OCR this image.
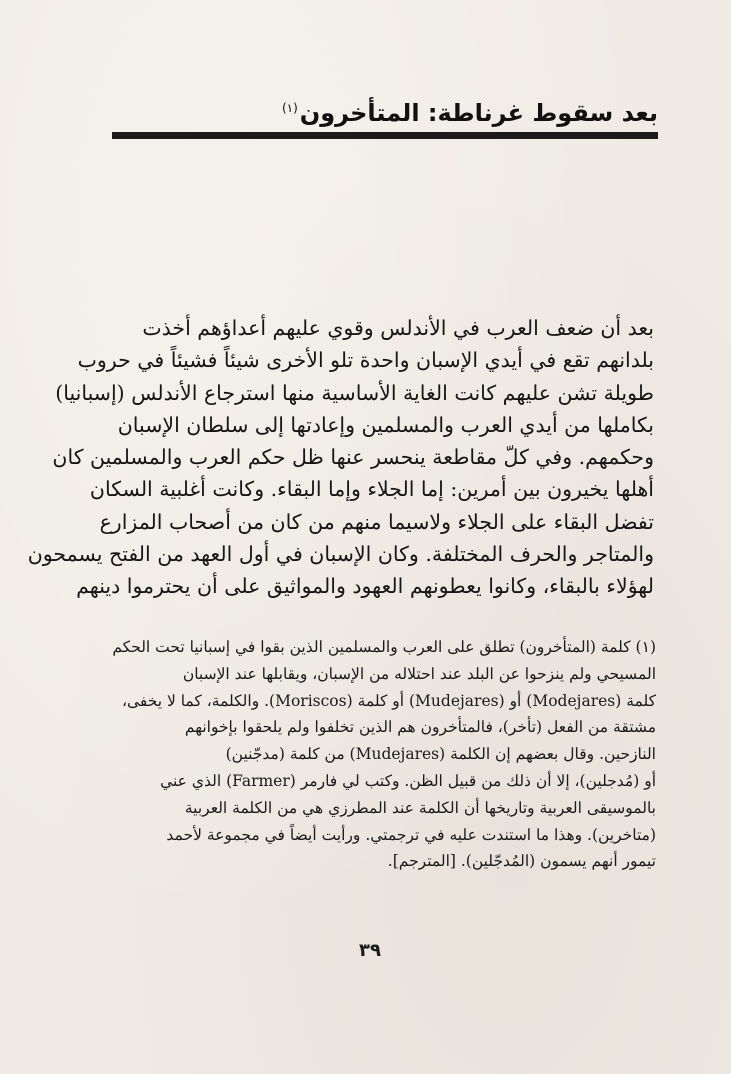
بعد سقوط غرناطة: المتأخرون$^{(١)}$
بعد أن ضعف العرب في الأندلس وقوي عليهم أعداؤهم أخذت
بلدانهم تقع في أيدي الإسبان واحدة تلو الأخرى شيئاً فشيئاً في حروب
طويلة تشن عليهم كانت الغاية الأساسية منها استرجاع الأندلس (إسبانيا)
بكاملها من أيدي العرب والمسلمين وإعادتها إلى سلطان الإسبان
وحكمهم. وفي كلّ مقاطعة ينحسر عنها ظل حكم العرب والمسلمين كان
أهلها يخيرون بين أمرين: إما الجلاء وإما البقاء. وكانت أغلبية السكان
تفضل البقاء على الجلاء ولاسيما منهم من كان من أصحاب المزارع
والمتاجر والحرف المختلفة. وكان الإسبان في أول العهد من الفتح يسمحون
لهؤلاء بالبقاء، وكانوا يعطونهم العهود والمواثيق على أن يحترموا دينهم
(١) كلمة (المتأخرون) تطلق على العرب والمسلمين الذين بقوا في إسبانيا تحت الحكم
المسيحي ولم ينزحوا عن البلد عند احتلاله من الإسبان، ويقابلها عند الإسبان
كلمة (Modejares) أو (Mudejares) أو كلمة (Moriscos). والكلمة، كما لا يخفى،
مشتقة من الفعل (تأخر)، فالمتأخرون هم الذين تخلفوا ولم يلحقوا بإخوانهم
النازحين. وقال بعضهم إن الكلمة (Mudejares) من كلمة (مدجّنين)
أو (مُدجلين)، إلا أن ذلك من قبيل الظن. وكتب لي فارمر (Farmer) الذي عني
بالموسيقى العربية وتاريخها أن الكلمة عند المطرزي هي من الكلمة العربية
(متاخرين). وهذا ما استندت عليه في ترجمتي. ورأيت أيضاً في مجموعة لأحمد
تيمور أنهم يسمون (المُدجّلين). [المترجم].
٣٩
